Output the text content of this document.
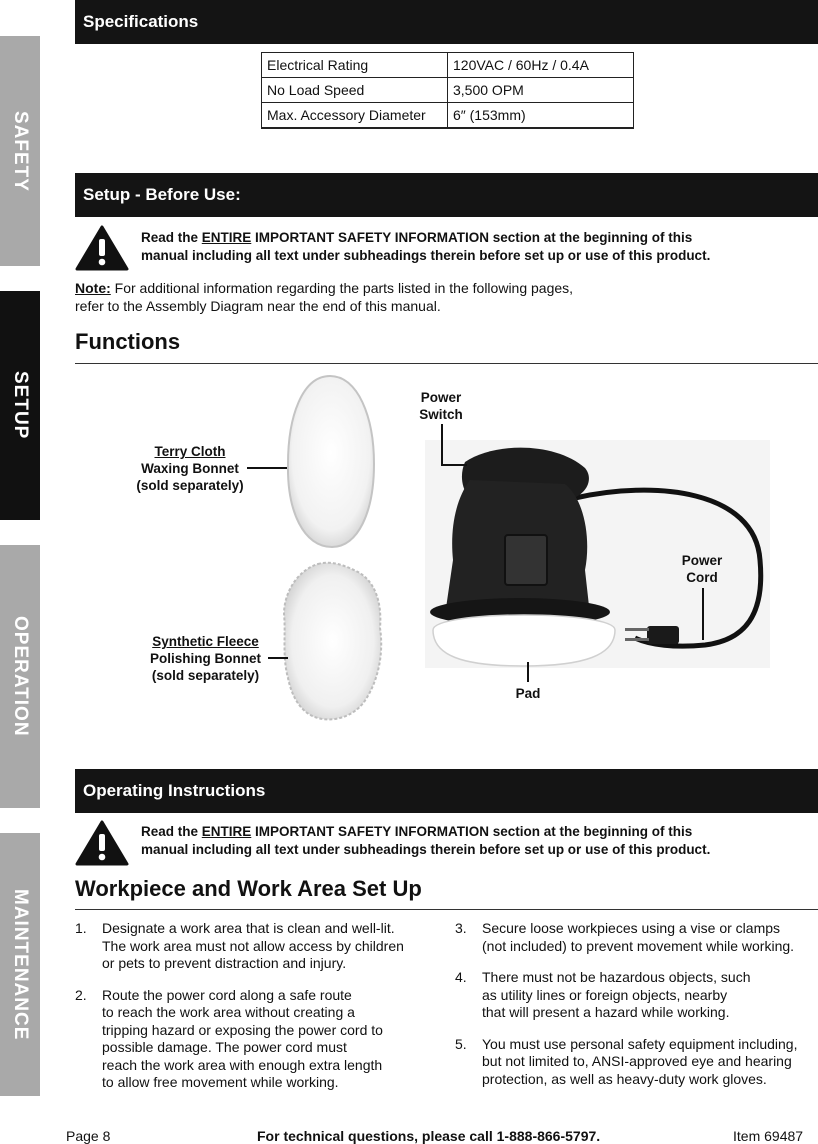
SAFETY
SETUP
OPERATION
MAINTENANCE
Specifications
Electrical Rating	120VAC / 60Hz / 0.4A
No Load Speed	3,500 OPM
Max. Accessory Diameter	6″ (153mm)
Setup - Before Use:
Read the ENTIRE IMPORTANT SAFETY INFORMATION section at the beginning of this
manual including all text under subheadings therein before set up or use of this product.
Note: For additional information regarding the parts listed in the following pages,
refer to the Assembly Diagram near the end of this manual.
Functions
Terry Cloth
Waxing Bonnet
(sold separately)
Synthetic Fleece
Polishing Bonnet
(sold separately)
Power
Switch
Power
Cord
Pad
Operating Instructions
Read the ENTIRE IMPORTANT SAFETY INFORMATION section at the beginning of this
manual including all text under subheadings therein before set up or use of this product.
Workpiece and Work Area Set Up
1.	Designate a work area that is clean and well-lit.
The work area must not allow access by children
or pets to prevent distraction and injury.
2.	Route the power cord along a safe route
to reach the work area without creating a
tripping hazard or exposing the power cord to
possible damage. The power cord must
reach the work area with enough extra length
to allow free movement while working.
3.	Secure loose workpieces using a vise or clamps
(not included) to prevent movement while working.
4.	There must not be hazardous objects, such
as utility lines or foreign objects, nearby
that will present a hazard while working.
5.	You must use personal safety equipment including,
but not limited to, ANSI-approved eye and hearing
protection, as well as heavy-duty work gloves.
Page 8	For technical questions, please call 1-888-866-5797.	Item 69487
